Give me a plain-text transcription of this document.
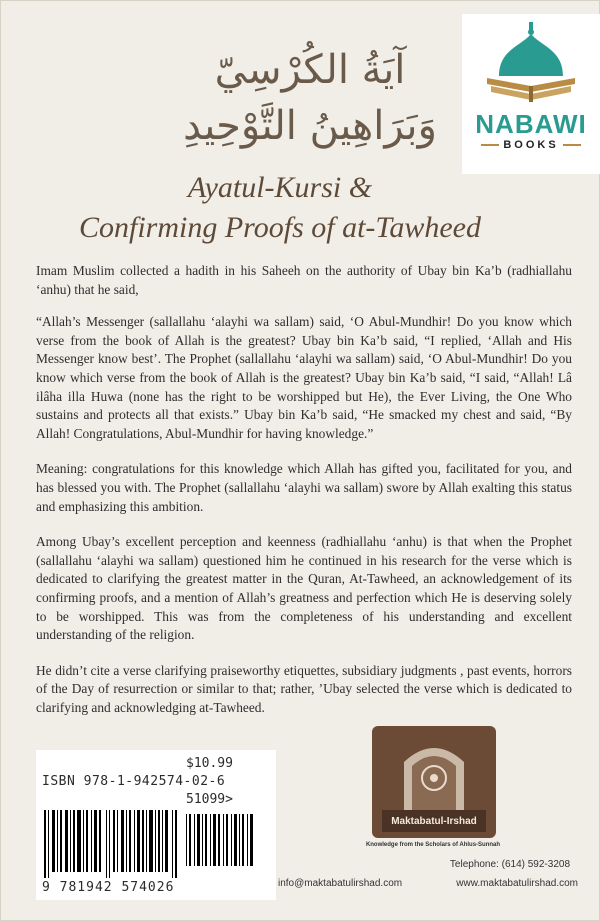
NABAWI
BOOKS
آيَةُ الكُرْسِيّ
وَبَرَاهِينُ التَّوْحِيدِ
Ayatul-Kursi &
Confirming Proofs of at-Tawheed

Imam Muslim collected a hadith in his Saheeh on the authority of Ubay bin Ka’b (radhiallahu ‘anhu) that he said,

“Allah’s Messenger (sallallahu ‘alayhi wa sallam) said, ‘O Abul-Mundhir! Do you know which verse from the book of Allah is the greatest? Ubay bin Ka’b said, “I replied, ‘Allah and His Messenger know best’. The Prophet (sallallahu ‘alayhi wa sallam) said, ‘O Abul-Mundhir! Do you know which verse from the book of Allah is the greatest? Ubay bin Ka’b said, “I said, “Allah! Lâ ilâha illa Huwa (none has the right to be worshipped but He), the Ever Living, the One Who sustains and protects all that exists.” Ubay bin Ka’b said, “He smacked my chest and said, “By Allah! Congratulations, Abul-Mundhir for having knowledge.”

Meaning: congratulations for this knowledge which Allah has gifted you, facilitated for you, and has blessed you with. The Prophet (sallallahu ‘alayhi wa sallam) swore by Allah exalting this status and emphasizing this ambition.

Among Ubay’s excellent perception and keenness (radhiallahu ‘anhu) is that when the Prophet (sallallahu ‘alayhi wa sallam) questioned him he continued in his research for the verse which is dedicated to clarifying the greatest matter in the Quran, At-Tawheed, an acknowledgement of its confirming proofs, and a mention of Allah’s greatness and perfection which He is deserving solely to be worshipped. This was from the completeness of his understanding and excellent understanding of the religion.

He didn’t cite a verse clarifying praiseworthy etiquettes, subsidiary judgments , past events, horrors of the Day of resurrection or similar to that; rather, ’Ubay selected the verse which is dedicated to clarifying and acknowledging at-Tawheed.

$10.99
ISBN 978-1-942574-02-6
51099>
9 781942 574026
Maktabatul-Irshad
Knowledge from the Scholars of Ahlus-Sunnah
Telephone: (614) 592-3208
info@maktabatulirshad.com	www.maktabatulirshad.com
